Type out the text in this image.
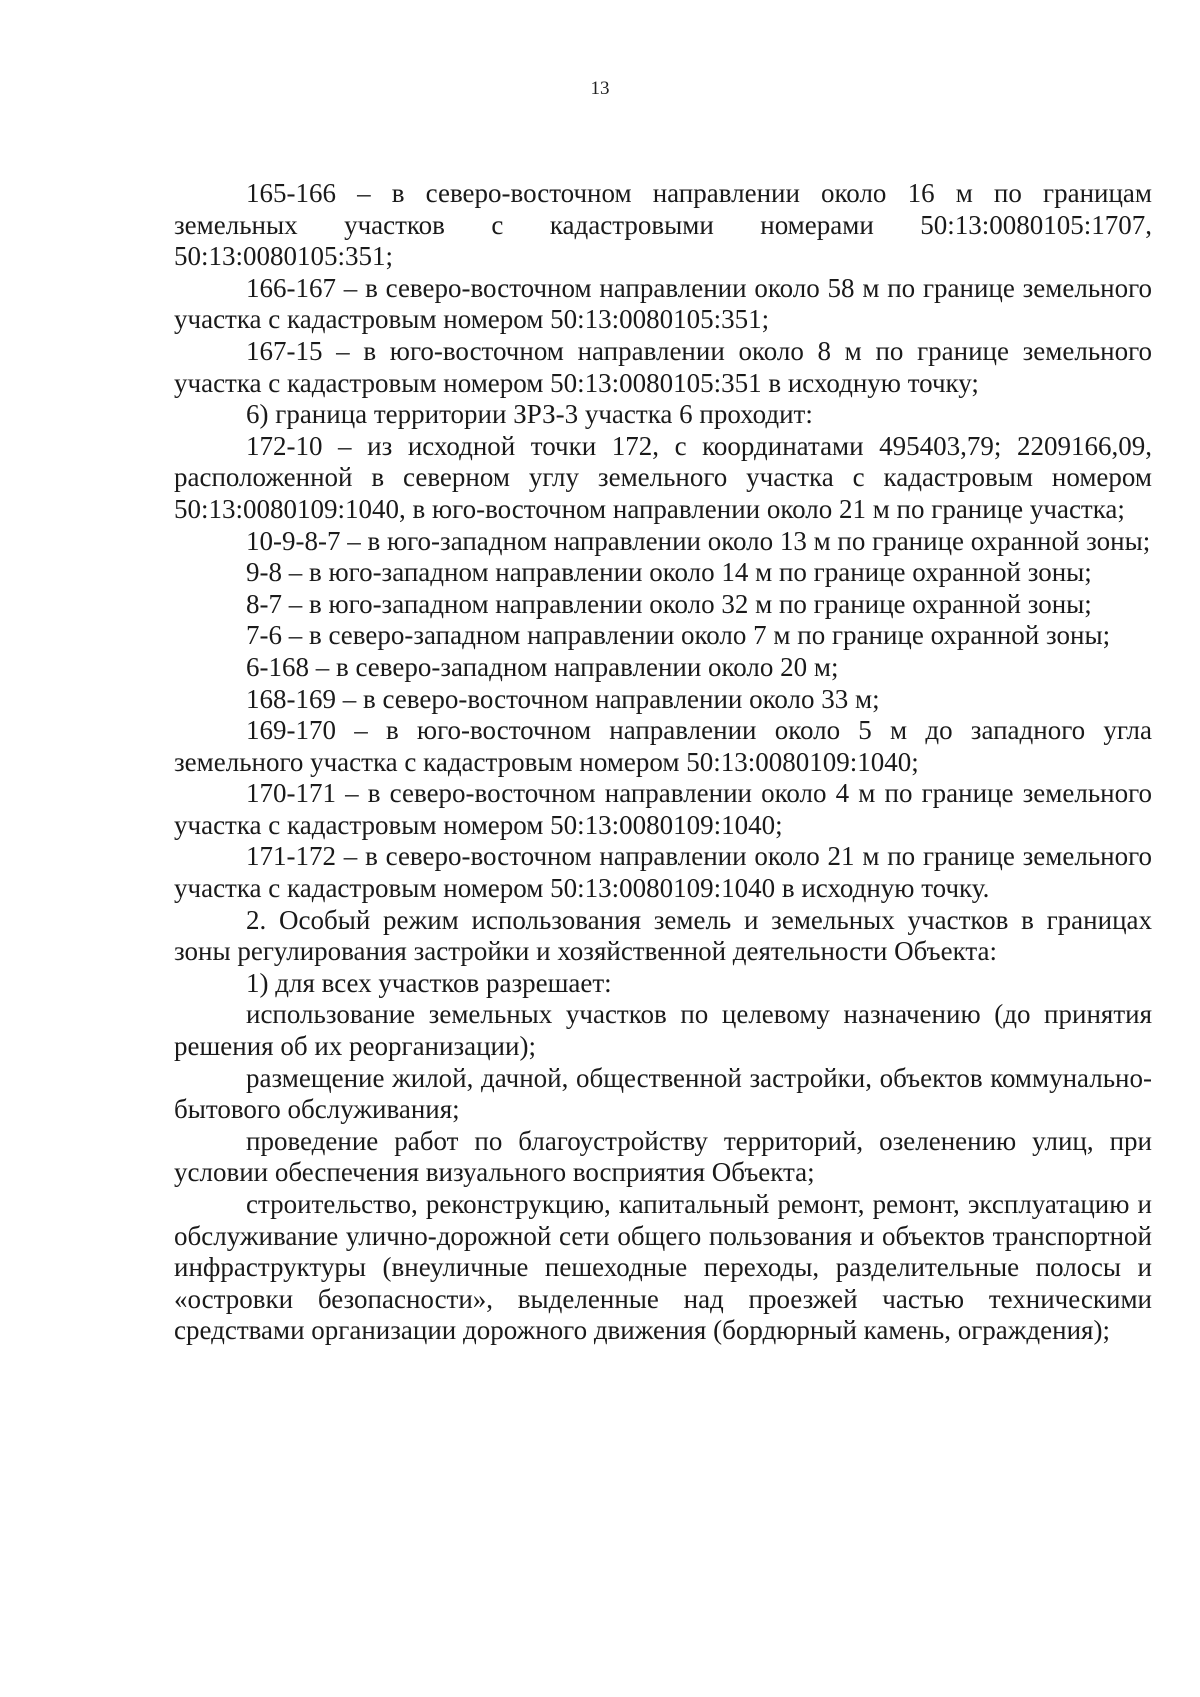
13

165-166 – в северо-восточном направлении около 16 м по границам земельных участков с кадастровыми номерами 50:13:0080105:1707, 50:13:0080105:351;

166-167 – в северо-восточном направлении около 58 м по границе земельного участка с кадастровым номером 50:13:0080105:351;

167-15 – в юго-восточном направлении около 8 м по границе земельного участка с кадастровым номером 50:13:0080105:351 в исходную точку;

6) граница территории ЗРЗ-3 участка 6 проходит:

172-10 – из исходной точки 172, с координатами 495403,79; 2209166,09, расположенной в северном углу земельного участка с кадастровым номером 50:13:0080109:1040, в юго-восточном направлении около 21 м по границе участка;

10-9-8-7 – в юго-западном направлении около 13 м по границе охранной зоны;

9-8 – в юго-западном направлении около 14 м по границе охранной зоны;

8-7 – в юго-западном направлении около 32 м по границе охранной зоны;

7-6 – в северо-западном направлении около 7 м по границе охранной зоны;

6-168 – в северо-западном направлении около 20 м;

168-169 – в северо-восточном направлении около 33 м;

169-170 – в юго-восточном направлении около 5 м до западного угла земельного участка с кадастровым номером 50:13:0080109:1040;

170-171 – в северо-восточном направлении около 4 м по границе земельного участка с кадастровым номером 50:13:0080109:1040;

171-172 – в северо-восточном направлении около 21 м по границе земельного участка с кадастровым номером 50:13:0080109:1040 в исходную точку.

2. Особый режим использования земель и земельных участков в границах зоны регулирования застройки и хозяйственной деятельности Объекта:

1) для всех участков разрешает:

использование земельных участков по целевому назначению (до принятия решения об их реорганизации);

размещение жилой, дачной, общественной застройки, объектов коммунально-бытового обслуживания;

проведение работ по благоустройству территорий, озеленению улиц, при условии обеспечения визуального восприятия Объекта;

строительство, реконструкцию, капитальный ремонт, ремонт, эксплуатацию и обслуживание улично-дорожной сети общего пользования и объектов транспортной инфраструктуры (внеуличные пешеходные переходы, разделительные полосы и «островки безопасности», выделенные над проезжей частью техническими средствами организации дорожного движения (бордюрный камень, ограждения);
